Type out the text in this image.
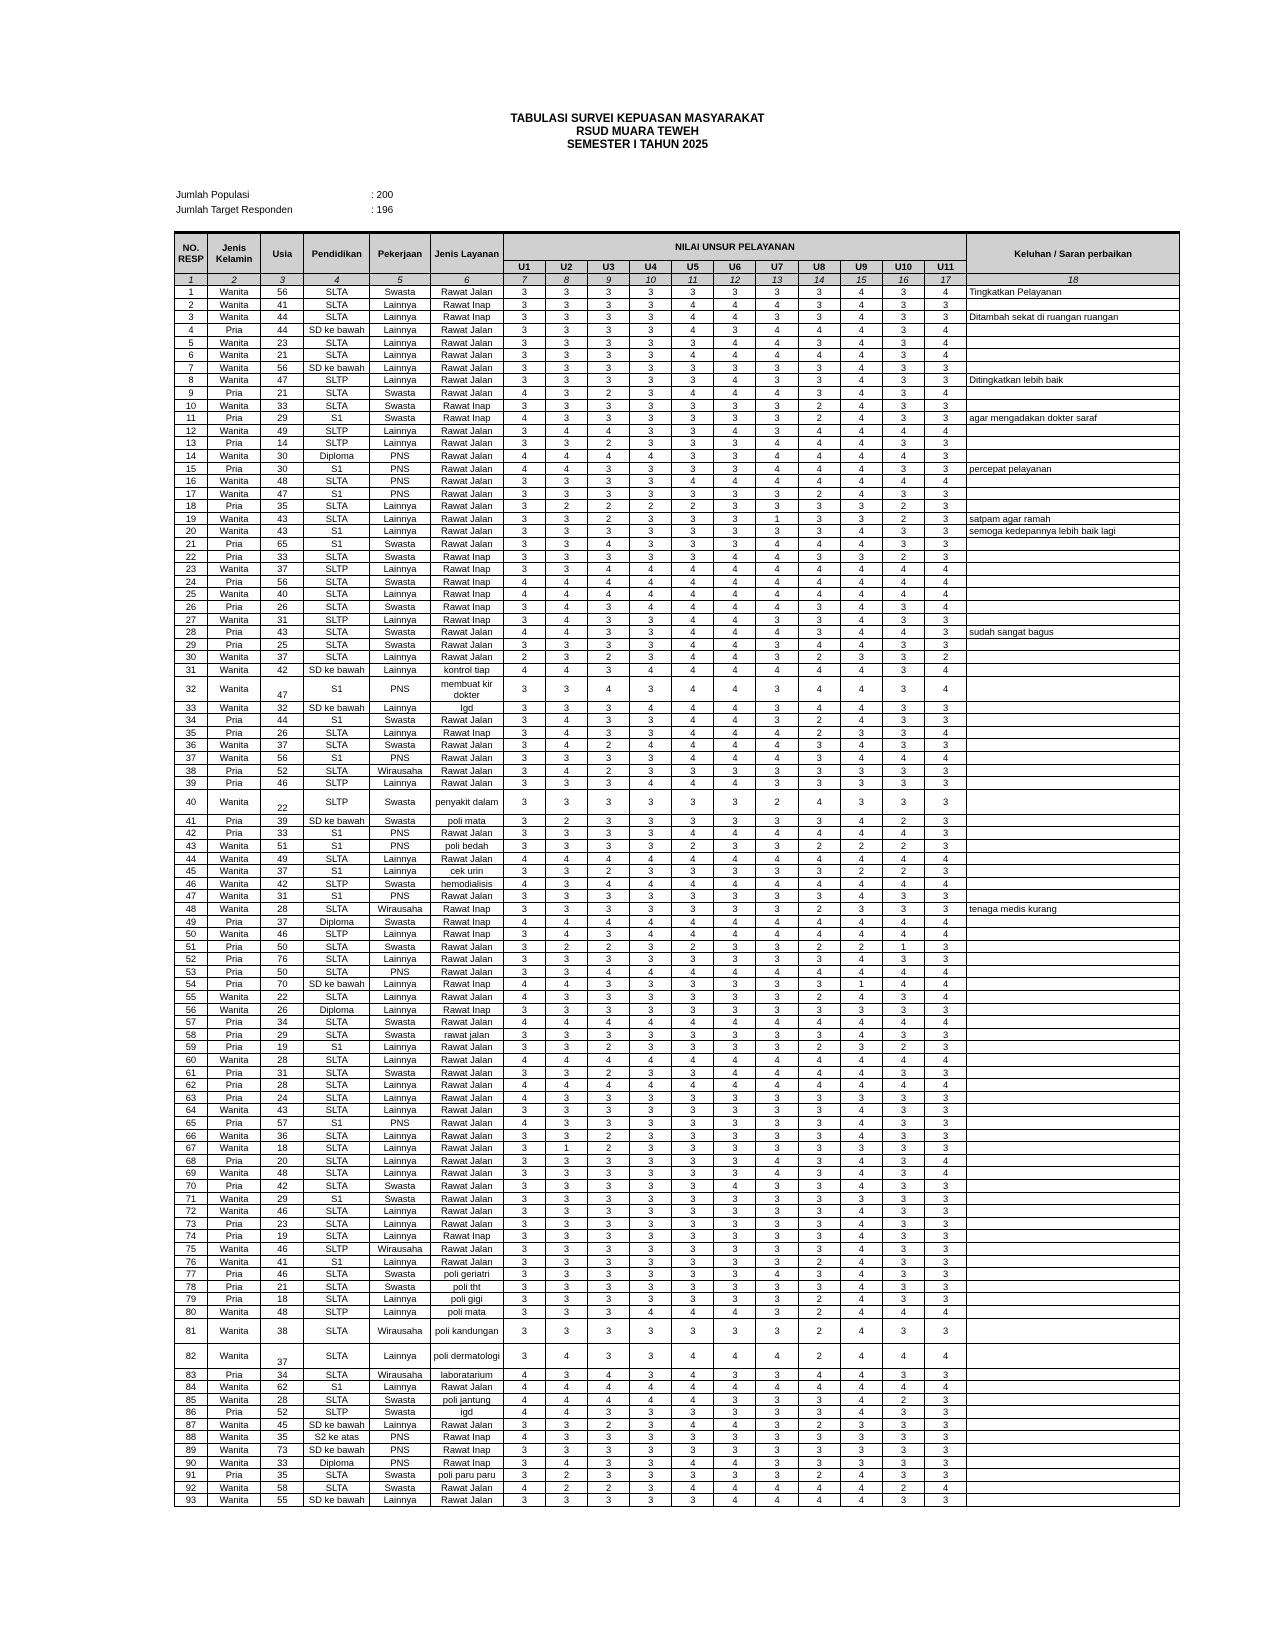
TABULASI SURVEI KEPUASAN MASYARAKAT
RSUD MUARA TEWEH
SEMESTER I TAHUN 2025
Jumlah Populasi	: 200
Jumlah Target Responden	: 196
NO. RESP	Jenis Kelamin	Usia	Pendidikan	Pekerjaan	Jenis Layanan	NILAI UNSUR PELAYANAN											Keluhan / Saran perbaikan
						U1	U2	U3	U4	U5	U6	U7	U8	U9	U10	U11	
1	2	3	4	5	6	7	8	9	10	11	12	13	14	15	16	17	18
1	Wanita	56	SLTA	Swasta	Rawat Jalan	3	3	3	3	3	3	3	3	4	3	4	Tingkatkan Pelayanan
2	Wanita	41	SLTA	Lainnya	Rawat Inap	3	3	3	3	4	4	4	3	4	3	3	
3	Wanita	44	SLTA	Lainnya	Rawat Inap	3	3	3	3	4	4	3	3	4	3	3	Ditambah sekat di ruangan ruangan
4	Pria	44	SD ke bawah	Lainnya	Rawat Jalan	3	3	3	3	4	3	4	4	4	3	4	
5	Wanita	23	SLTA	Lainnya	Rawat Jalan	3	3	3	3	3	4	4	3	4	3	4	
6	Wanita	21	SLTA	Lainnya	Rawat Jalan	3	3	3	3	4	4	4	4	4	3	4	
7	Wanita	56	SD ke bawah	Lainnya	Rawat Jalan	3	3	3	3	3	3	3	3	4	3	3	
8	Wanita	47	SLTP	Lainnya	Rawat Jalan	3	3	3	3	3	4	3	3	4	3	3	Ditingkatkan lebih baik
9	Pria	21	SLTA	Swasta	Rawat Jalan	4	3	2	3	4	4	4	3	4	3	4	
10	Wanita	33	SLTA	Swasta	Rawat Inap	3	3	3	3	3	3	3	2	4	3	3	
11	Pria	29	S1	Swasta	Rawat Inap	4	3	3	3	3	3	3	2	4	3	3	agar mengadakan dokter saraf
12	Wanita	49	SLTP	Lainnya	Rawat Jalan	3	4	4	3	3	4	3	4	4	4	4	
13	Pria	14	SLTP	Lainnya	Rawat Jalan	3	3	2	3	3	3	4	4	4	3	3	
14	Wanita	30	Diploma	PNS	Rawat Jalan	4	4	4	4	3	3	4	4	4	4	3	
15	Pria	30	S1	PNS	Rawat Jalan	4	4	3	3	3	3	4	4	4	3	3	percepat pelayanan
16	Wanita	48	SLTA	PNS	Rawat Jalan	3	3	3	3	4	4	4	4	4	4	4	
17	Wanita	47	S1	PNS	Rawat Jalan	3	3	3	3	3	3	3	2	4	3	3	
18	Pria	35	SLTA	Lainnya	Rawat Jalan	3	2	2	2	2	3	3	3	3	2	3	
19	Wanita	43	SLTA	Lainnya	Rawat Jalan	3	3	2	3	3	3	1	3	3	2	3	satpam agar ramah
20	Wanita	43	S1	Lainnya	Rawat Jalan	3	3	3	3	3	3	3	3	4	3	3	semoga kedepannya lebih baik lagi
21	Pria	65	S1	Swasta	Rawat Jalan	3	3	4	3	3	3	4	4	4	3	3	
22	Pria	33	SLTA	Swasta	Rawat Inap	3	3	3	3	3	4	4	3	3	2	3	
23	Wanita	37	SLTP	Lainnya	Rawat Inap	3	3	4	4	4	4	4	4	4	4	4	
24	Pria	56	SLTA	Swasta	Rawat Inap	4	4	4	4	4	4	4	4	4	4	4	
25	Wanita	40	SLTA	Lainnya	Rawat Inap	4	4	4	4	4	4	4	4	4	4	4	
26	Pria	26	SLTA	Swasta	Rawat Inap	3	4	3	4	4	4	4	3	4	3	4	
27	Wanita	31	SLTP	Lainnya	Rawat Inap	3	4	3	3	4	4	3	3	4	3	3	
28	Pria	43	SLTA	Swasta	Rawat Jalan	4	4	3	3	4	4	4	3	4	4	3	sudah sangat bagus
29	Pria	25	SLTA	Swasta	Rawat Jalan	3	3	3	3	4	4	3	4	4	3	3	
30	Wanita	37	SLTA	Lainnya	Rawat Jalan	2	3	2	3	4	4	3	2	3	3	2	
31	Wanita	42	SD ke bawah	Lainnya	kontrol tiap	4	4	3	4	4	4	4	4	4	3	4	
32	Wanita	47	S1	PNS	membuat kir dokter	3	3	4	3	4	4	3	4	4	3	4	
33	Wanita	32	SD ke bawah	Lainnya	Igd	3	3	3	4	4	4	3	4	4	3	3	
34	Pria	44	S1	Swasta	Rawat Jalan	3	4	3	3	4	4	3	2	4	3	3	
35	Pria	26	SLTA	Lainnya	Rawat Inap	3	4	3	3	4	4	4	2	3	3	4	
36	Wanita	37	SLTA	Swasta	Rawat Jalan	3	4	2	4	4	4	4	3	4	3	3	
37	Wanita	56	S1	PNS	Rawat Jalan	3	3	3	3	4	4	4	3	4	4	4	
38	Pria	52	SLTA	Wirausaha	Rawat Jalan	3	4	2	3	3	3	3	3	3	3	3	
39	Pria	46	SLTP	Lainnya	Rawat Jalan	3	3	3	4	4	4	3	3	3	3	3	
40	Wanita	22	SLTP	Swasta	penyakit dalam	3	3	3	3	3	3	2	4	3	3	3	
41	Pria	39	SD ke bawah	Swasta	poli mata	3	2	3	3	3	3	3	3	4	2	3	
42	Pria	33	S1	PNS	Rawat Jalan	3	3	3	3	4	4	4	4	4	4	3	
43	Wanita	51	S1	PNS	poli bedah	3	3	3	3	2	3	3	2	2	2	3	
44	Wanita	49	SLTA	Lainnya	Rawat Jalan	4	4	4	4	4	4	4	4	4	4	4	
45	Wanita	37	S1	Lainnya	cek urin	3	3	2	3	3	3	3	3	2	2	3	
46	Wanita	42	SLTP	Swasta	hemodialisis	4	3	4	4	4	4	4	4	4	4	4	
47	Wanita	31	S1	PNS	Rawat Jalan	3	3	3	3	3	3	3	3	4	3	3	
48	Wanita	28	SLTA	Wirausaha	Rawat Inap	3	3	3	3	3	3	3	2	3	3	3	tenaga medis kurang
49	Pria	37	Diploma	Swasta	Rawat Inap	4	4	4	4	4	4	4	4	4	4	4	
50	Wanita	46	SLTP	Lainnya	Rawat Inap	3	4	3	4	4	4	4	4	4	4	4	
51	Pria	50	SLTA	Swasta	Rawat Jalan	3	2	2	3	2	3	3	2	2	1	3	
52	Pria	76	SLTA	Lainnya	Rawat Jalan	3	3	3	3	3	3	3	3	4	3	3	
53	Pria	50	SLTA	PNS	Rawat Jalan	3	3	4	4	4	4	4	4	4	4	4	
54	Pria	70	SD ke bawah	Lainnya	Rawat Inap	4	4	3	3	3	3	3	3	1	4	4	
55	Wanita	22	SLTA	Lainnya	Rawat Jalan	4	3	3	3	3	3	3	2	4	3	4	
56	Wanita	26	Diploma	Lainnya	Rawat Inap	3	3	3	3	3	3	3	3	3	3	3	
57	Pria	34	SLTA	Swasta	Rawat Jalan	4	4	4	4	4	4	4	4	4	4	4	
58	Pria	29	SLTA	Swasta	rawat jalan	3	3	3	3	3	3	3	3	4	3	3	
59	Pria	19	S1	Lainnya	Rawat Jalan	3	3	2	3	3	3	3	2	3	2	3	
60	Wanita	28	SLTA	Lainnya	Rawat Jalan	4	4	4	4	4	4	4	4	4	4	4	
61	Pria	31	SLTA	Swasta	Rawat Jalan	3	3	2	3	3	4	4	4	4	3	3	
62	Pria	28	SLTA	Lainnya	Rawat Jalan	4	4	4	4	4	4	4	4	4	4	4	
63	Pria	24	SLTA	Lainnya	Rawat Jalan	4	3	3	3	3	3	3	3	3	3	3	
64	Wanita	43	SLTA	Lainnya	Rawat Jalan	3	3	3	3	3	3	3	3	4	3	3	
65	Pria	57	S1	PNS	Rawat Jalan	4	3	3	3	3	3	3	3	4	3	3	
66	Wanita	36	SLTA	Lainnya	Rawat Jalan	3	3	2	3	3	3	3	3	4	3	3	
67	Wanita	18	SLTA	Lainnya	Rawat Jalan	3	1	2	3	3	3	3	3	3	3	3	
68	Pria	20	SLTA	Lainnya	Rawat Jalan	3	3	3	3	3	3	4	3	4	3	4	
69	Wanita	48	SLTA	Lainnya	Rawat Jalan	3	3	3	3	3	3	4	3	4	3	4	
70	Pria	42	SLTA	Swasta	Rawat Jalan	3	3	3	3	3	4	3	3	4	3	3	
71	Wanita	29	S1	Swasta	Rawat Jalan	3	3	3	3	3	3	3	3	3	3	3	
72	Wanita	46	SLTA	Lainnya	Rawat Jalan	3	3	3	3	3	3	3	3	4	3	3	
73	Pria	23	SLTA	Lainnya	Rawat Jalan	3	3	3	3	3	3	3	3	4	3	3	
74	Pria	19	SLTA	Lainnya	Rawat Inap	3	3	3	3	3	3	3	3	4	3	3	
75	Wanita	46	SLTP	Wirausaha	Rawat Jalan	3	3	3	3	3	3	3	3	4	3	3	
76	Wanita	41	S1	Lainnya	Rawat Jalan	3	3	3	3	3	3	3	2	4	3	3	
77	Pria	46	SLTA	Swasta	poli geriatri	3	3	3	3	3	3	4	3	4	3	3	
78	Pria	21	SLTA	Swasta	poli tht	3	3	3	3	3	3	3	3	4	3	3	
79	Pria	18	SLTA	Lainnya	poli gigi	3	3	3	3	3	3	3	2	4	3	3	
80	Wanita	48	SLTP	Lainnya	poli mata	3	3	3	4	4	4	3	2	4	4	4	
81	Wanita	38	SLTA	Wirausaha	poli kandungan	3	3	3	3	3	3	3	2	4	3	3	
82	Wanita	37	SLTA	Lainnya	poli dermatologi	3	4	3	3	4	4	4	2	4	4	4	
83	Pria	34	SLTA	Wirausaha	laboratarium	4	3	4	3	4	3	3	4	4	3	3	
84	Wanita	62	S1	Lainnya	Rawat Jalan	4	4	4	4	4	4	4	4	4	4	4	
85	Wanita	28	SLTA	Swasta	poli jantung	4	4	4	4	4	3	3	3	4	2	3	
86	Pria	52	SLTP	Swasta	igd	4	4	3	3	3	3	3	3	4	3	3	
87	Wanita	45	SD ke bawah	Lainnya	Rawat Jalan	3	3	2	3	4	4	3	2	3	3	3	
88	Wanita	35	S2 ke atas	PNS	Rawat Inap	4	3	3	3	3	3	3	3	3	3	3	
89	Wanita	73	SD ke bawah	PNS	Rawat Inap	3	3	3	3	3	3	3	3	3	3	3	
90	Wanita	33	Diploma	PNS	Rawat Inap	3	4	3	3	4	4	3	3	3	3	3	
91	Pria	35	SLTA	Swasta	poli paru paru	3	2	3	3	3	3	3	2	4	3	3	
92	Wanita	58	SLTA	Swasta	Rawat Jalan	4	2	2	3	4	4	4	4	4	2	4	
93	Wanita	55	SD ke bawah	Lainnya	Rawat Jalan	3	3	3	3	3	4	4	4	4	3	3	
